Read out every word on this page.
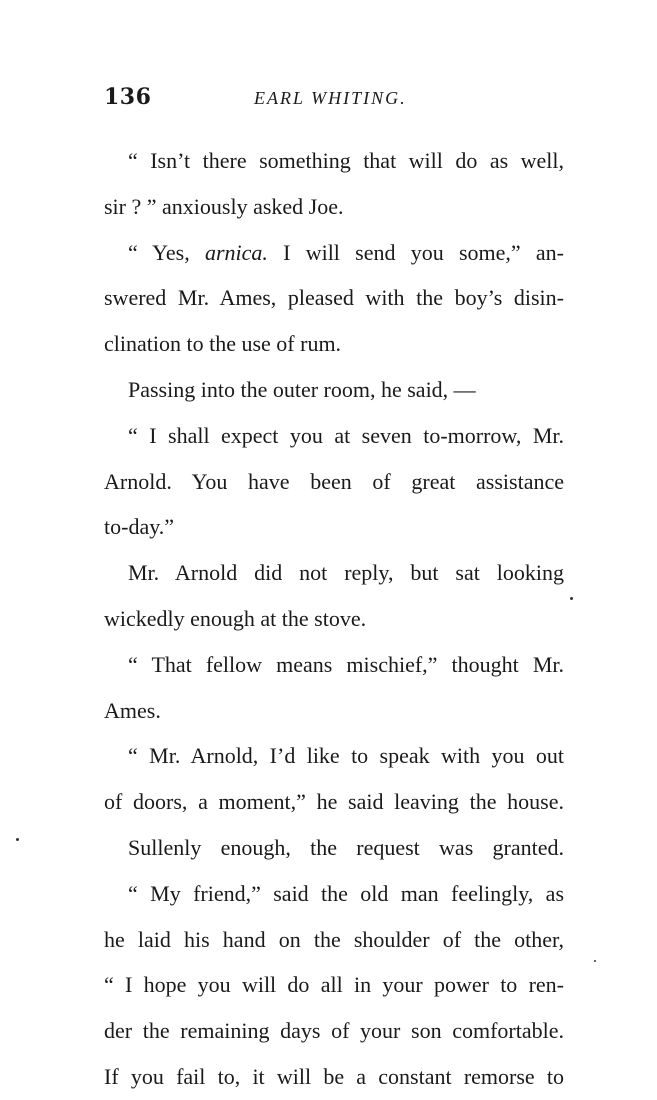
136	EARL WHITING.
“ Isn’t there something that will do as well,
sir ? ” anxiously asked Joe.
“ Yes, arnica. I will send you some,” an-
swered Mr. Ames, pleased with the boy’s disin-
clination to the use of rum.
Passing into the outer room, he said, —
“ I shall expect you at seven to-morrow, Mr.
Arnold. You have been of great assistance
to-day.”
Mr. Arnold did not reply, but sat looking
wickedly enough at the stove.
“ That fellow means mischief,” thought Mr.
Ames.
“ Mr. Arnold, I’d like to speak with you out
of doors, a moment,” he said leaving the house.
Sullenly enough, the request was granted.
“ My friend,” said the old man feelingly, as
he laid his hand on the shoulder of the other,
“ I hope you will do all in your power to ren-
der the remaining days of your son comfortable.
If you fail to, it will be a constant remorse to
